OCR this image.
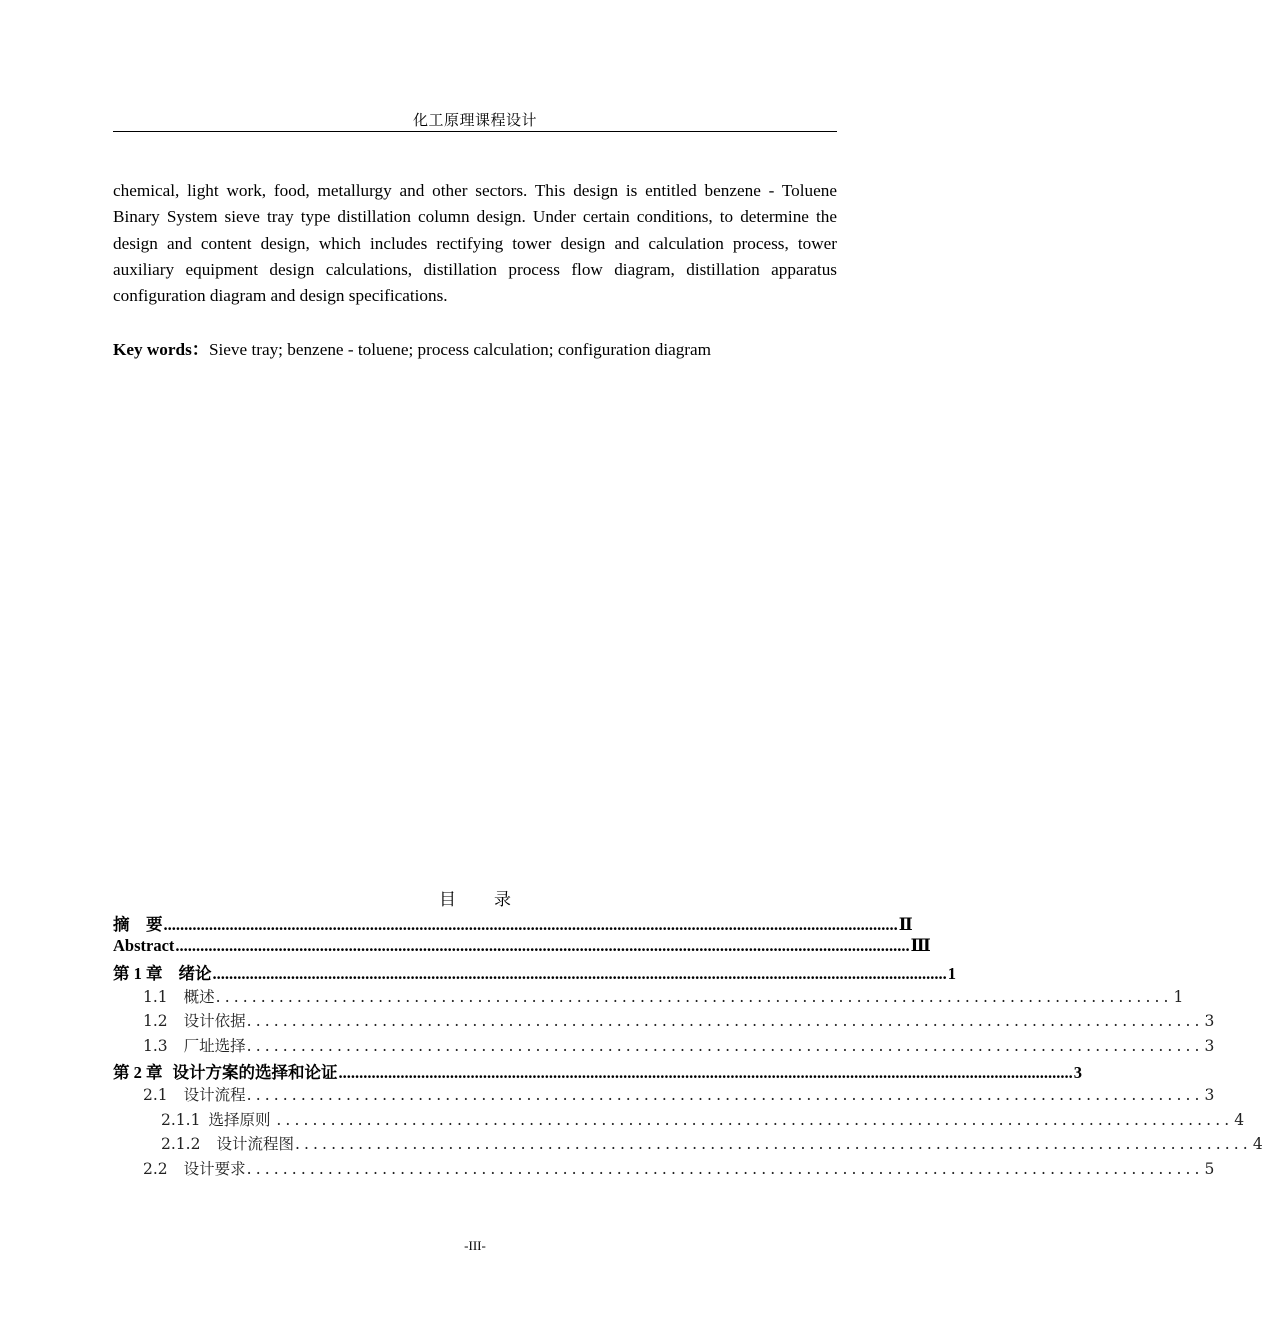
化工原理课程设计
chemical, light work, food, metallurgy and other sectors. This design is entitled benzene - Toluene Binary System sieve tray type distillation column design. Under certain conditions, to determine the design and content design, which includes rectifying tower design and calculation process, tower auxiliary equipment design calculations, distillation process flow diagram, distillation apparatus configuration diagram and design specifications.
Key words：Sieve tray; benzene - toluene; process calculation; configuration diagram
目 录
摘　要 .................................................................................................................................................................................. Ⅱ
Abstract .................................................................................................................................................................................. Ⅲ
第 1 章 绪论 .................................................................................................................................................................................. 1
1.1 概述 .......................................................................................................... 1
1.2 设计依据 .......................................................................................................... 3
1.3 厂址选择 .......................................................................................................... 3
第 2 章 设计方案的选择和论证 .................................................................................................................................................................................. 3
2.1 设计流程 .......................................................................................................... 3
2.1.1 选择原则 .......................................................................................................... 4
2.1.2 设计流程图 .......................................................................................................... 4
2.2 设计要求 .......................................................................................................... 5
-III-
